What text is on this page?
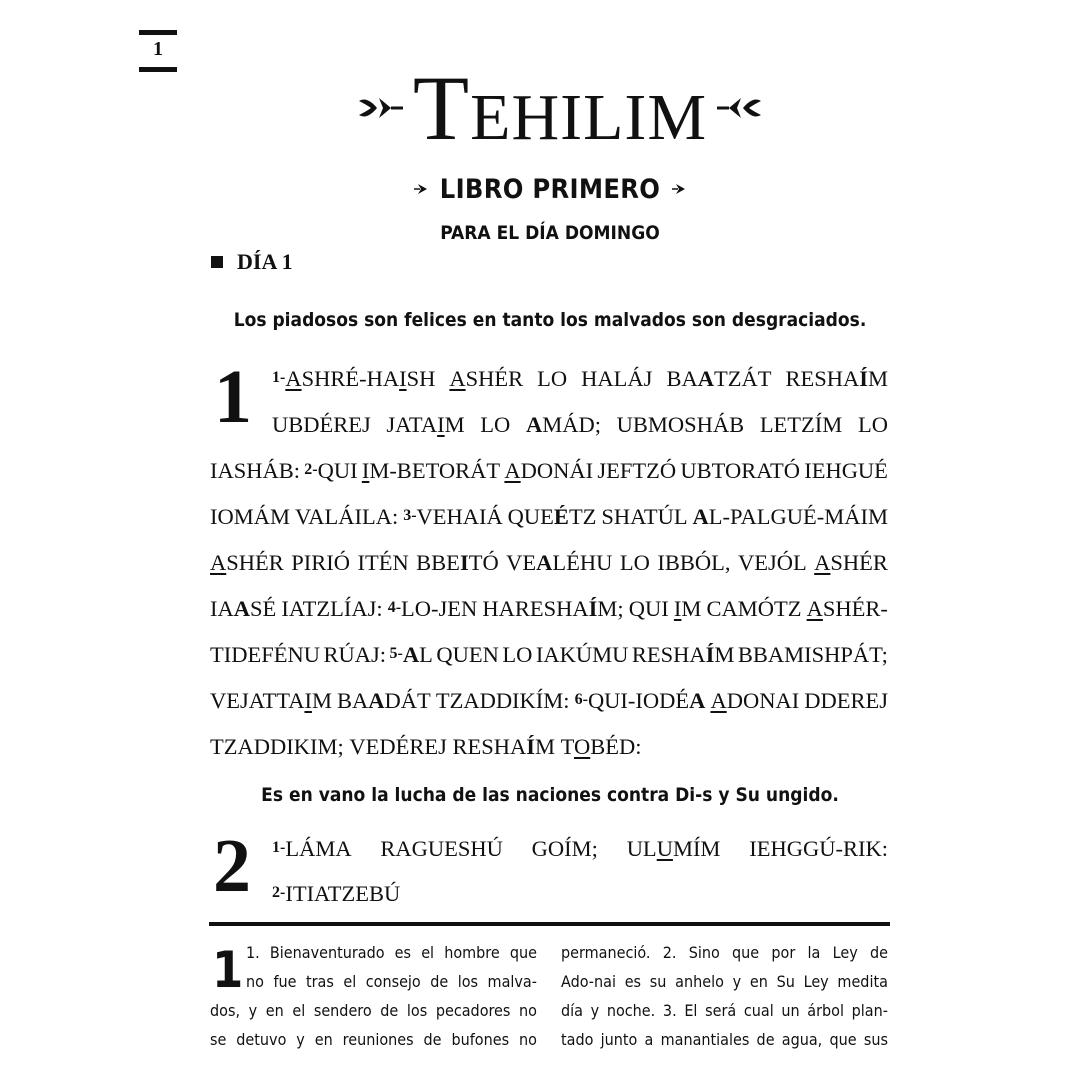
1
TEHILIM
LIBRO PRIMERO
PARA EL DÍA DOMINGO
DÍA 1
Los piadosos son felices en tanto los malvados son desgraciados.
1 1-ASHRÉ-HAISH ASHÉR LO HALÁJ BAATZÁT RESHAÍM
UBDÉREJ JATAIM LO AMÁD; UBMOSHÁB LETZÍM LO
IASHÁB: 2-QUI IM-BETORÁT ADONÁI JEFTZÓ UBTORATÓ IEHGUÉ
IOMÁM VALÁILA: 3-VEHAIÁ QUEÉTZ SHATÚL AL-PALGUÉ-MÁIM
ASHÉR PIRIÓ ITÉN BBEITÓ VEALÉHU LO IBBÓL, VEJÓL ASHÉR
IAASÉ IATZLÍAJ: 4-LO-JEN HARESHAÍM; QUI IM CAMÓTZ ASHÉR-
TIDEFÉNU RÚAJ: 5-AL QUEN LO IAKÚMU RESHAÍM BBAMISHPÁT;
VEJATTAIM BAADÁT TZADDIKÍM: 6-QUI-IODÉA ADONAI DDEREJ
TZADDIKIM;
VEDÉREJ
RESHAÍM
TOBÉD:
Es en vano la lucha de las naciones contra Di-s y Su ungido.
2 1-LÁMA RAGUESHÚ GOÍM; ULUMÍM IEHGGÚ-RIK:
2-ITIATZEBÚ
1 1. Bienaventurado es el hombre que
no fue tras el consejo de los malva-
dos, y en el sendero de los pecadores no
se detuvo y en reuniones de bufones no
permaneció. 2. Sino que por la Ley de
Ado-nai es su anhelo y en Su Ley medita
día y noche. 3. El será cual un árbol plan-
tado junto a manantiales de agua, que sus
